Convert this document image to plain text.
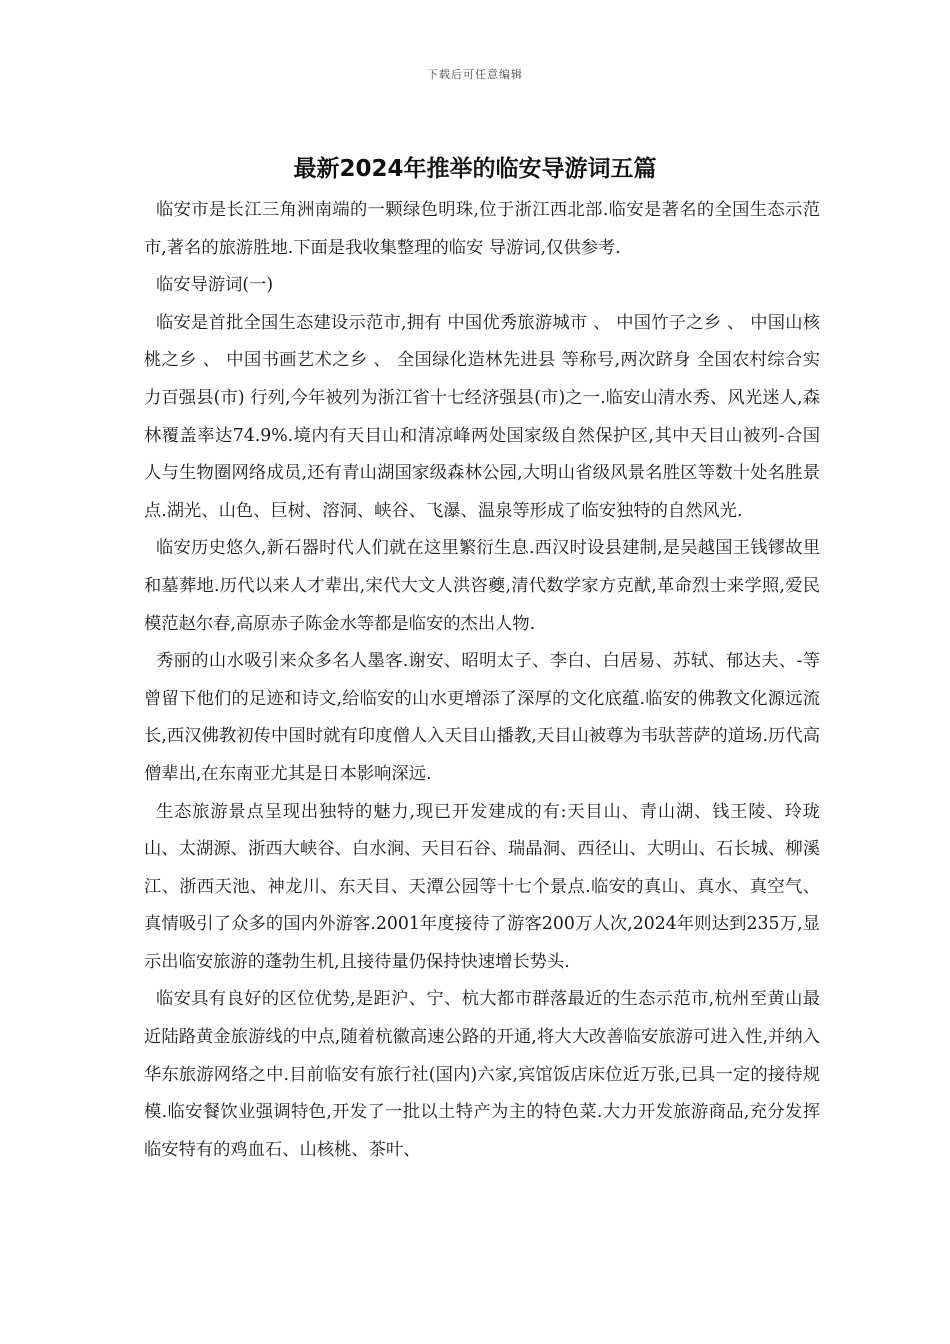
下载后可任意编辑
最新2024年推举的临安导游词五篇

临安市是长江三角洲南端的一颗绿色明珠,位于浙江西北部.临安是著名的全国生态示范市,著名的旅游胜地.下面是我收集整理的临安 导游词,仅供参考.

临安导游词(一)

临安是首批全国生态建设示范市,拥有 中国优秀旅游城市 、 中国竹子之乡 、 中国山核桃之乡 、 中国书画艺术之乡 、 全国绿化造林先进县 等称号,两次跻身 全国农村综合实力百强县(市) 行列,今年被列为浙江省十七经济强县(市)之一.临安山清水秀、风光迷人,森林覆盖率达74.9%.境内有天目山和清凉峰两处国家级自然保护区,其中天目山被列-合国人与生物圈网络成员,还有青山湖国家级森林公园,大明山省级风景名胜区等数十处名胜景点.湖光、山色、巨树、溶洞、峡谷、飞瀑、温泉等形成了临安独特的自然风光.

临安历史悠久,新石器时代人们就在这里繁衍生息.西汉时设县建制,是吴越国王钱镠故里和墓葬地.历代以来人才辈出,宋代大文人洪咨夔,清代数学家方克猷,革命烈士来学照,爱民模范赵尔春,高原赤子陈金水等都是临安的杰出人物.

秀丽的山水吸引来众多名人墨客.谢安、昭明太子、李白、白居易、苏轼、郁达夫、-等曾留下他们的足迹和诗文,给临安的山水更增添了深厚的文化底蕴.临安的佛教文化源远流长,西汉佛教初传中国时就有印度僧人入天目山播教,天目山被尊为韦驮菩萨的道场.历代高僧辈出,在东南亚尤其是日本影响深远.

生态旅游景点呈现出独特的魅力,现已开发建成的有:天目山、青山湖、钱王陵、玲珑山、太湖源、浙西大峡谷、白水涧、天目石谷、瑞晶洞、西径山、大明山、石长城、柳溪江、浙西天池、神龙川、东天目、天潭公园等十七个景点.临安的真山、真水、真空气、真情吸引了众多的国内外游客.2001年度接待了游客200万人次,2024年则达到235万,显示出临安旅游的蓬勃生机,且接待量仍保持快速增长势头.

临安具有良好的区位优势,是距沪、宁、杭大都市群落最近的生态示范市,杭州至黄山最近陆路黄金旅游线的中点,随着杭徽高速公路的开通,将大大改善临安旅游可进入性,并纳入华东旅游网络之中.目前临安有旅行社(国内)六家,宾馆饭店床位近万张,已具一定的接待规模.临安餐饮业强调特色,开发了一批以土特产为主的特色菜.大力开发旅游商品,充分发挥临安特有的鸡血石、山核桃、茶叶、
